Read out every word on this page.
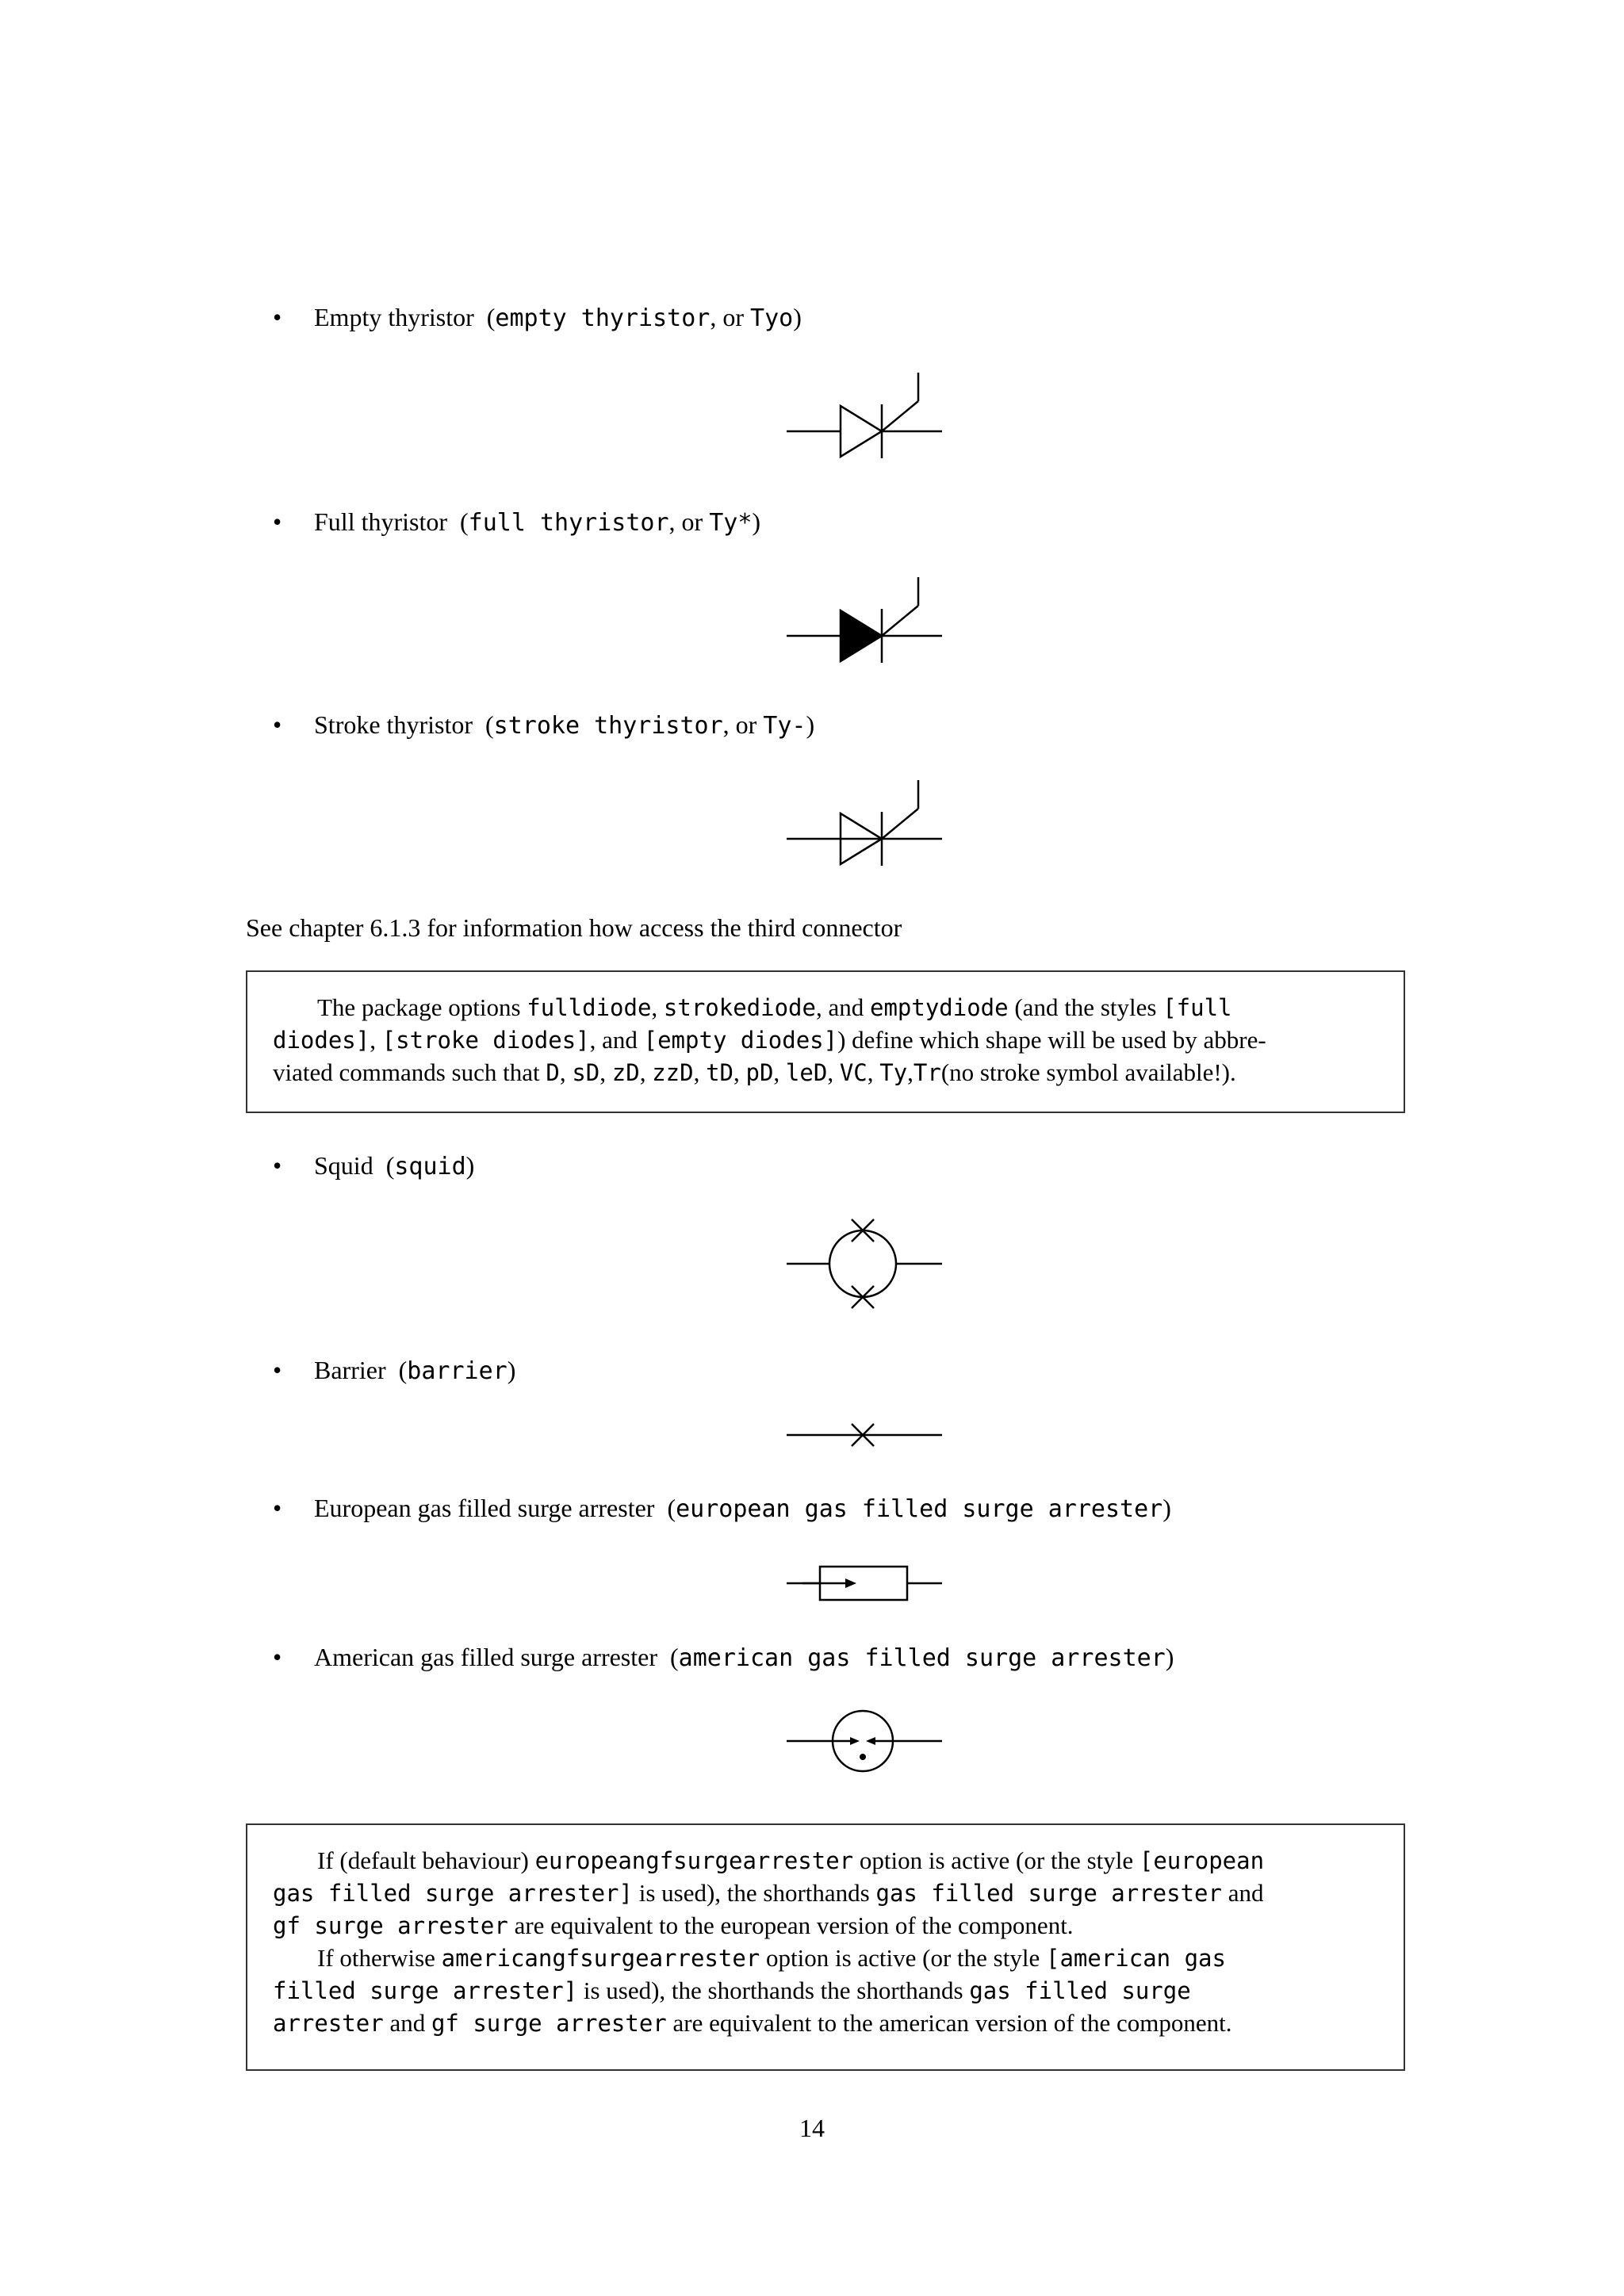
• Empty thyristor (empty thyristor, or Tyo)
• Full thyristor (full thyristor, or Ty*)
• Stroke thyristor (stroke thyristor, or Ty-)
See chapter 6.1.3 for information how access the third connector
The package options fulldiode, strokediode, and emptydiode (and the styles [full
diodes], [stroke diodes], and [empty diodes]) define which shape will be used by abbre-
viated commands such that D, sD, zD, zzD, tD, pD, leD, VC, Ty,Tr(no stroke symbol available!).
• Squid (squid)
• Barrier (barrier)
• European gas filled surge arrester (european gas filled surge arrester)
• American gas filled surge arrester (american gas filled surge arrester)
If (default behaviour) europeangfsurgearrester option is active (or the style [european
gas filled surge arrester] is used), the shorthands gas filled surge arrester and
gf surge arrester are equivalent to the european version of the component.
If otherwise americangfsurgearrester option is active (or the style [american gas
filled surge arrester] is used), the shorthands the shorthands gas filled surge
arrester and gf surge arrester are equivalent to the american version of the component.
14
